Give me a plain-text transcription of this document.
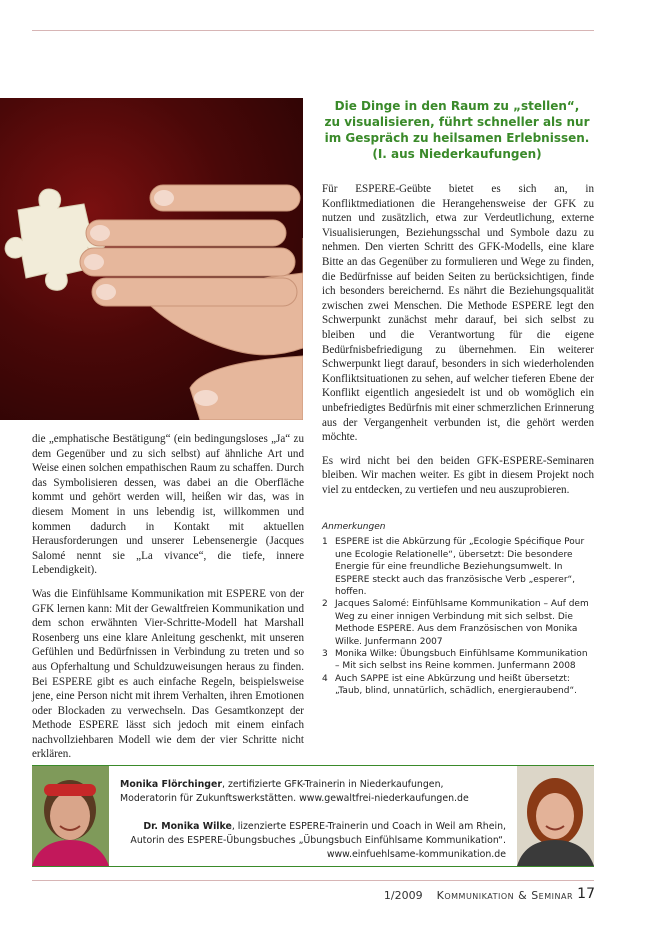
Die Dinge in den Raum zu „stellen“,
zu visualisieren, führt schneller als nur
im Gespräch zu heilsamen Erlebnissen.
(I. aus Niederkaufungen)

Für ESPERE-Geübte bietet es sich an, in Konfliktmediationen die Herangehensweise der GFK zu nutzen und zusätzlich, etwa zur Verdeutlichung, externe Visualisierungen, Beziehungsschal und Symbole dazu zu nehmen. Den vierten Schritt des GFK-Modells, eine klare Bitte an das Gegenüber zu formulieren und Wege zu finden, die Bedürfnisse auf beiden Seiten zu berücksichtigen, finde ich besonders bereichernd. Es nährt die Beziehungsqualität zwischen zwei Menschen. Die Methode ESPERE legt den Schwerpunkt zunächst mehr darauf, bei sich selbst zu bleiben und die Verantwortung für die eigene Bedürfnisbefriedigung zu übernehmen. Ein weiterer Schwerpunkt liegt darauf, besonders in sich wiederholenden Konfliktsituationen zu sehen, auf welcher tieferen Ebene der Konflikt eigentlich angesiedelt ist und ob womöglich ein unbefriedigtes Bedürfnis mit einer schmerzlichen Erinnerung aus der Vergangenheit verbunden ist, die gehört werden möchte.

Es wird nicht bei den beiden GFK-ESPERE-Seminaren bleiben. Wir machen weiter. Es gibt in diesem Projekt noch viel zu entdecken, zu vertiefen und neu auszuprobieren.

die „emphatische Bestätigung“ (ein bedingungsloses „Ja“ zu dem Gegenüber und zu sich selbst) auf ähnliche Art und Weise einen solchen empathischen Raum zu schaffen. Durch das Symbolisieren dessen, was dabei an die Oberfläche kommt und gehört werden will, heißen wir das, was in diesem Moment in uns lebendig ist, willkommen und kommen dadurch in Kontakt mit aktuellen Herausforderungen und unserer Lebensenergie (Jacques Salomé nennt sie „La vivance“, die tiefe, innere Lebendigkeit).

Was die Einfühlsame Kommunikation mit ESPERE von der GFK lernen kann: Mit der Gewaltfreien Kommunikation und dem schon erwähnten Vier-Schritte-Modell hat Marshall Rosenberg uns eine klare Anleitung geschenkt, mit unseren Gefühlen und Bedürfnissen in Verbindung zu treten und so aus Opferhaltung und Schuldzuweisungen heraus zu finden. Bei ESPERE gibt es auch einfache Regeln, beispielsweise jene, eine Person nicht mit ihrem Verhalten, ihren Emotionen oder Blockaden zu verwechseln. Das Gesamtkonzept der Methode ESPERE lässt sich jedoch mit einem einfach nachvollziehbaren Modell wie dem der vier Schritte nicht erklären.

Anmerkungen
1 ESPERE ist die Abkürzung für „Ecologie Spécifique Pour une Ecologie Relationelle“, übersetzt: Die besondere Energie für eine freundliche Beziehungsumwelt. In ESPERE steckt auch das französische Verb „esperer“, hoffen.
2 Jacques Salomé: Einfühlsame Kommunikation – Auf dem Weg zu einer innigen Verbindung mit sich selbst. Die Methode ESPERE. Aus dem Französischen von Monika Wilke. Junfermann 2007
3 Monika Wilke: Übungsbuch Einfühlsame Kommunikation – Mit sich selbst ins Reine kommen. Junfermann 2008
4 Auch SAPPE ist eine Abkürzung und heißt übersetzt: „Taub, blind, unnatürlich, schädlich, energieraubend“.
Monika Flörchinger, zertifizierte GFK-Trainerin in Niederkaufungen,
Moderatorin für Zukunftswerkstätten. www.gewaltfrei-niederkaufungen.de
Dr. Monika Wilke, lizenzierte ESPERE-Trainerin und Coach in Weil am Rhein,
Autorin des ESPERE-Übungsbuches „Übungsbuch Einfühlsame Kommunikation“.
www.einfuehlsame-kommunikation.de
1/2009 Kommunikation & Seminar 17
